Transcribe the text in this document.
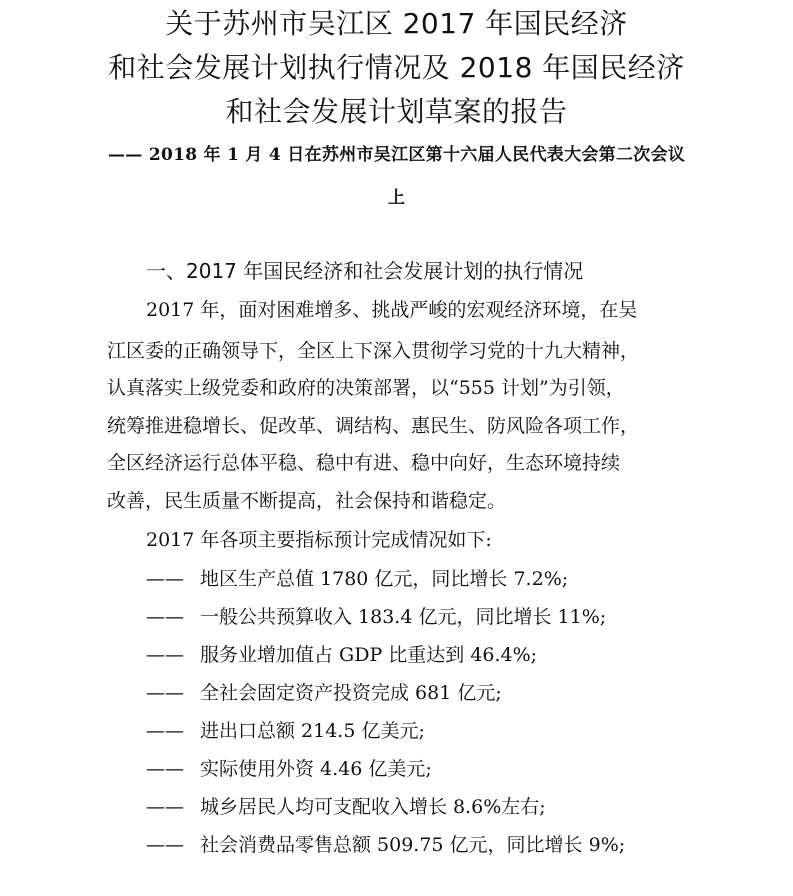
关于苏州市吴江区 2017 年国民经济
和社会发展计划执行情况及 2018 年国民经济
和社会发展计划草案的报告
—— 2018 年 1 月 4 日在苏州市吴江区第十六届人民代表大会第二次会议
上
一、2017 年国民经济和社会发展计划的执行情况
2017 年，面对困难增多、挑战严峻的宏观经济环境，在吴
江区委的正确领导下，全区上下深入贯彻学习党的十九大精神，
认真落实上级党委和政府的决策部署，以“555 计划”为引领，
统筹推进稳增长、促改革、调结构、惠民生、防风险各项工作，
全区经济运行总体平稳、稳中有进、稳中向好，生态环境持续
改善，民生质量不断提高，社会保持和谐稳定。
2017 年各项主要指标预计完成情况如下:
—— 地区生产总值 1780 亿元，同比增长 7.2%;
—— 一般公共预算收入 183.4 亿元，同比增长 11%;
—— 服务业增加值占 GDP 比重达到 46.4%;
—— 全社会固定资产投资完成 681 亿元;
—— 进出口总额 214.5 亿美元;
—— 实际使用外资 4.46 亿美元;
—— 城乡居民人均可支配收入增长 8.6%左右;
—— 社会消费品零售总额 509.75 亿元，同比增长 9%;
